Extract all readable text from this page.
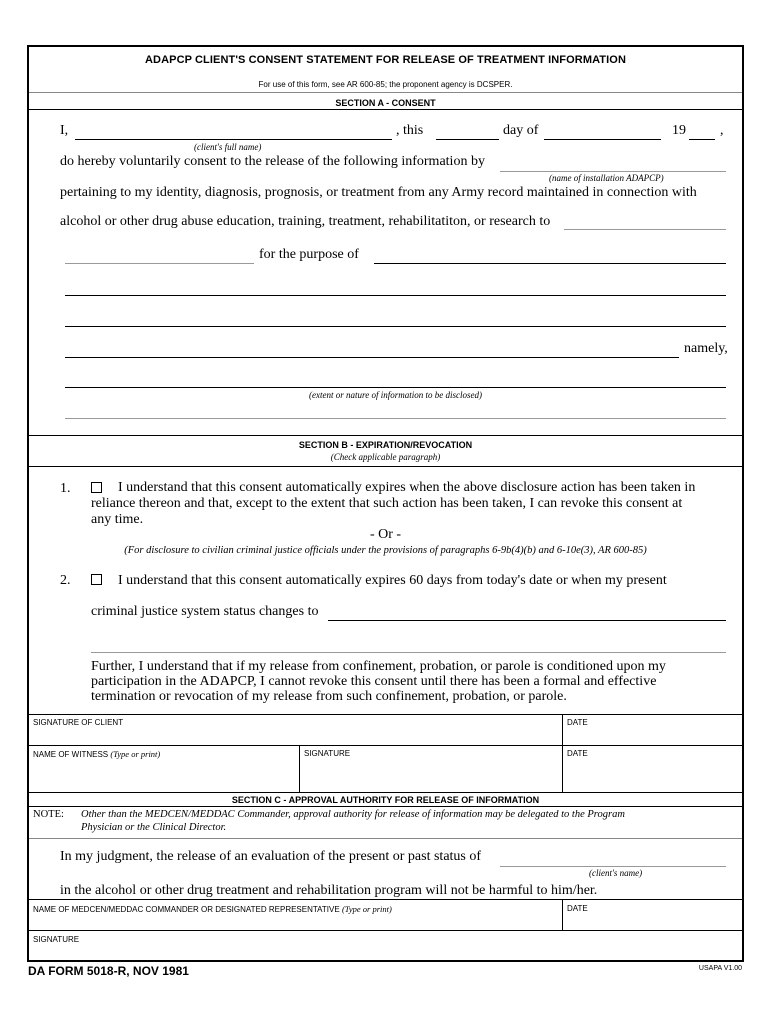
ADAPCP CLIENT'S CONSENT STATEMENT FOR RELEASE OF TREATMENT INFORMATION
For use of this form, see AR 600-85; the proponent agency is DCSPER.
SECTION A - CONSENT
I,	, this	day of	19 ,
(client's full name)
do hereby voluntarily consent to the release of the following information by
(name of installation ADAPCP)
pertaining to my identity, diagnosis, prognosis, or treatment from any Army record maintained in connection with
alcohol or other drug abuse education, training, treatment, rehabilitatiton, or research to
for the purpose of
namely,
(extent or nature of information to be disclosed)
SECTION B - EXPIRATION/REVOCATION
(Check applicable paragraph)
1.	I understand that this consent automatically expires when the above disclosure action has been taken in
reliance thereon and that, except to the extent that such action has been taken, I can revoke this consent at
any time.
- Or -
(For disclosure to civilian criminal justice officials under the provisions of paragraphs 6-9b(4)(b) and 6-10e(3), AR 600-85)
2.	I understand that this consent automatically expires 60 days from today's date or when my present
criminal justice system status changes to
Further, I understand that if my release from confinement, probation, or parole is conditioned upon my
participation in the ADAPCP, I cannot revoke this consent until there has been a formal and effective
termination or revocation of my release from such confinement, probation, or parole.
SIGNATURE OF CLIENT	DATE
NAME OF WITNESS (Type or print)	SIGNATURE	DATE
SECTION C - APPROVAL AUTHORITY FOR RELEASE OF INFORMATION
NOTE: Other than the MEDCEN/MEDDAC Commander, approval authority for release of information may be delegated to the Program
Physician or the Clinical Director.
In my judgment, the release of an evaluation of the present or past status of
(client's name)
in the alcohol or other drug treatment and rehabilitation program will not be harmful to him/her.
NAME OF MEDCEN/MEDDAC COMMANDER OR DESIGNATED REPRESENTATIVE (Type or print)	DATE
SIGNATURE
DA FORM 5018-R, NOV 1981	USAPA V1.00
